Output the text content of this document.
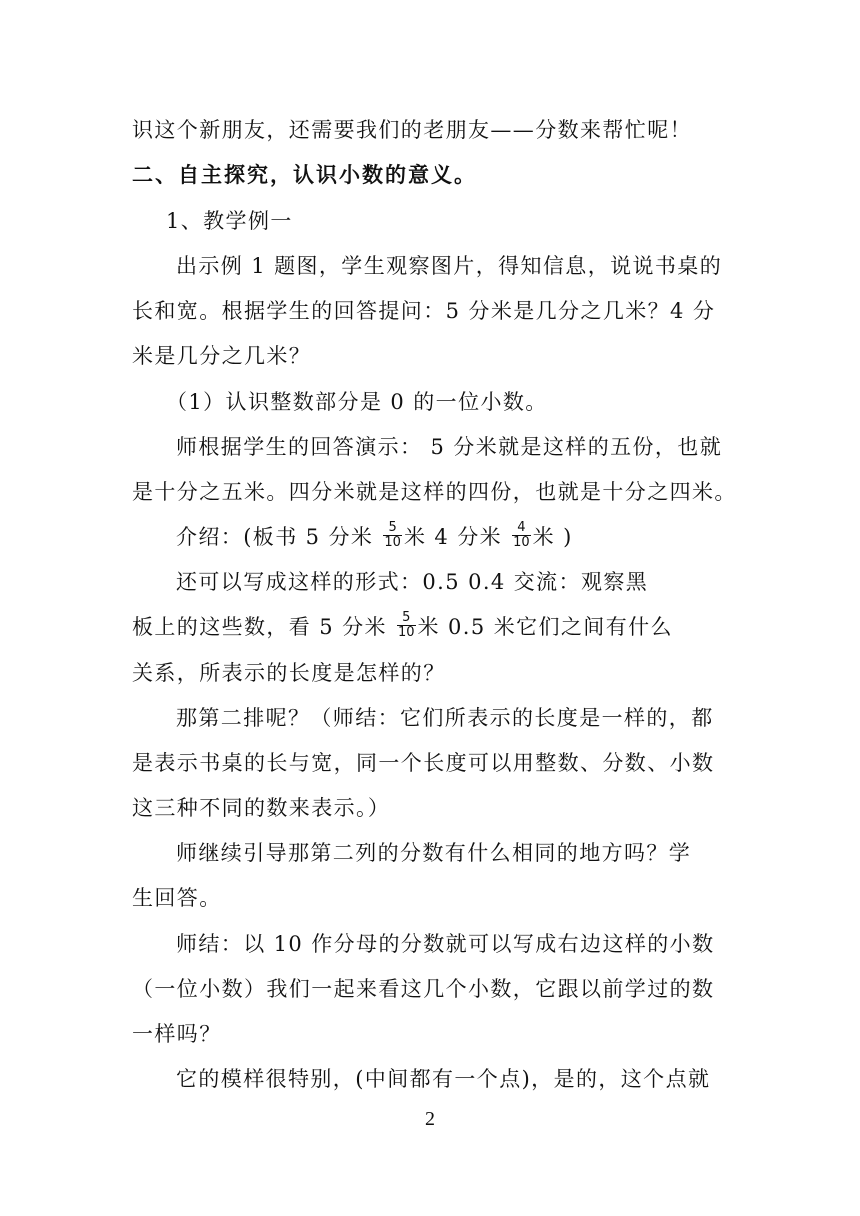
识这个新朋友，还需要我们的老朋友——分数来帮忙呢！
二、自主探究，认识小数的意义。
1、教学例一
出示例 1 题图，学生观察图片，得知信息，说说书桌的
长和宽。根据学生的回答提问：5 分米是几分之几米？4 分
米是几分之几米？
（1）认识整数部分是 0 的一位小数。
师根据学生的回答演示： 5 分米就是这样的五份，也就
是十分之五米。四分米就是这样的四份，也就是十分之四米。
介绍：(板书 5 分米 $\frac{5}{10}$ 米 4 分米 $\frac{4}{10}$ 米 )
还可以写成这样的形式：0.5 0.4 交流：观察黑
板上的这些数，看 5 分米 $\frac{5}{10}$ 米 0.5 米它们之间有什么
关系，所表示的长度是怎样的？
那第二排呢？（师结：它们所表示的长度是一样的，都
是表示书桌的长与宽，同一个长度可以用整数、分数、小数
这三种不同的数来表示。）
师继续引导那第二列的分数有什么相同的地方吗？学
生回答。
师结：以 10 作分母的分数就可以写成右边这样的小数
（一位小数）我们一起来看这几个小数，它跟以前学过的数
一样吗？
它的模样很特别，(中间都有一个点)，是的，这个点就
2
